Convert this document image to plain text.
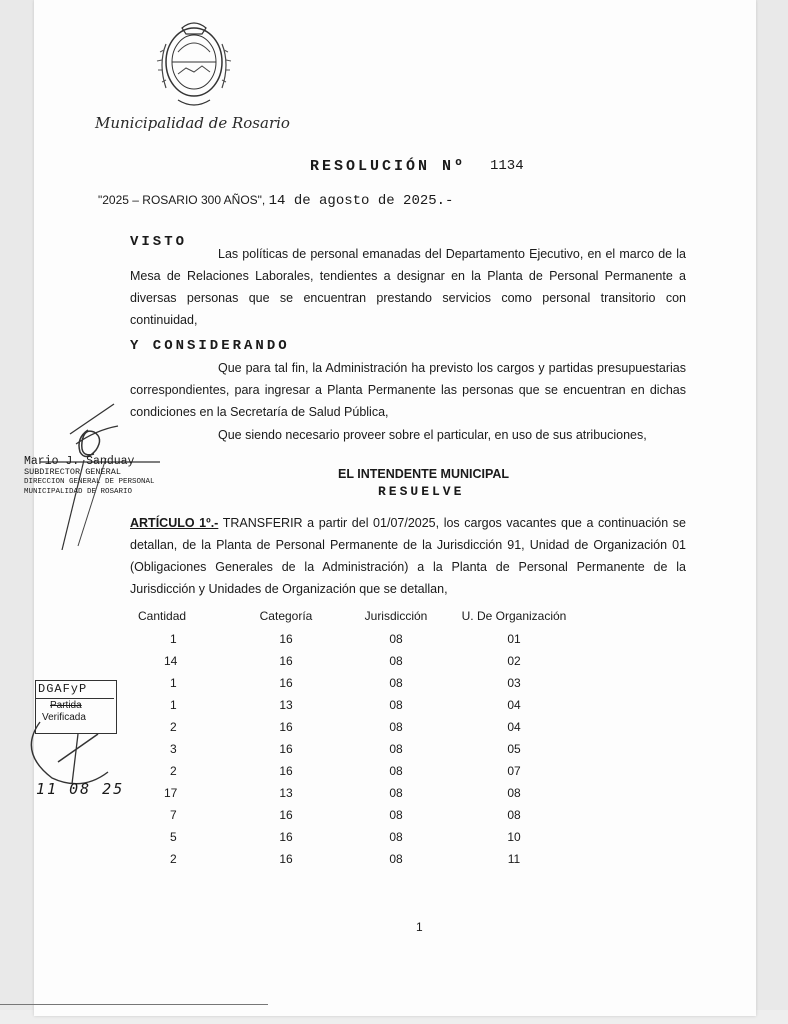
Municipalidad de Rosario
RESOLUCIÓN Nº 1134
"2025 – ROSARIO 300 AÑOS", 14 de agosto de 2025.-
VISTO
Las políticas de personal emanadas del Departamento Ejecutivo, en el marco de la Mesa de Relaciones Laborales, tendientes a designar en la Planta de Personal Permanente a diversas personas que se encuentran prestando servicios como personal transitorio con continuidad,
Y CONSIDERANDO
Que para tal fin, la Administración ha previsto los cargos y partidas presupuestarias correspondientes, para ingresar a Planta Permanente las personas que se encuentran en dichas condiciones en la Secretaría de Salud Pública,
Que siendo necesario proveer sobre el particular, en uso de sus atribuciones,
Mario J. Sanduay
SUBDIRECTOR GENERAL
DIRECCION GENERAL DE PERSONAL
MUNICIPALIDAD DE ROSARIO
EL INTENDENTE MUNICIPAL
RESUELVE
ARTÍCULO 1º.- TRANSFERIR a partir del 01/07/2025, los cargos vacantes que a continuación se detallan, de la Planta de Personal Permanente de la Jurisdicción 91, Unidad de Organización 01 (Obligaciones Generales de la Administración) a la Planta de Personal Permanente de la Jurisdicción y Unidades de Organización que se detallan,
Cantidad	Categoría	Jurisdicción	U. De Organización
1	16	08	01
14	16	08	02
1	16	08	03
1	13	08	04
2	16	08	04
3	16	08	05
2	16	08	07
17	13	08	08
7	16	08	08
5	16	08	10
2	16	08	11
DGAFyP
Partida
Verificada
11 08 25
1
